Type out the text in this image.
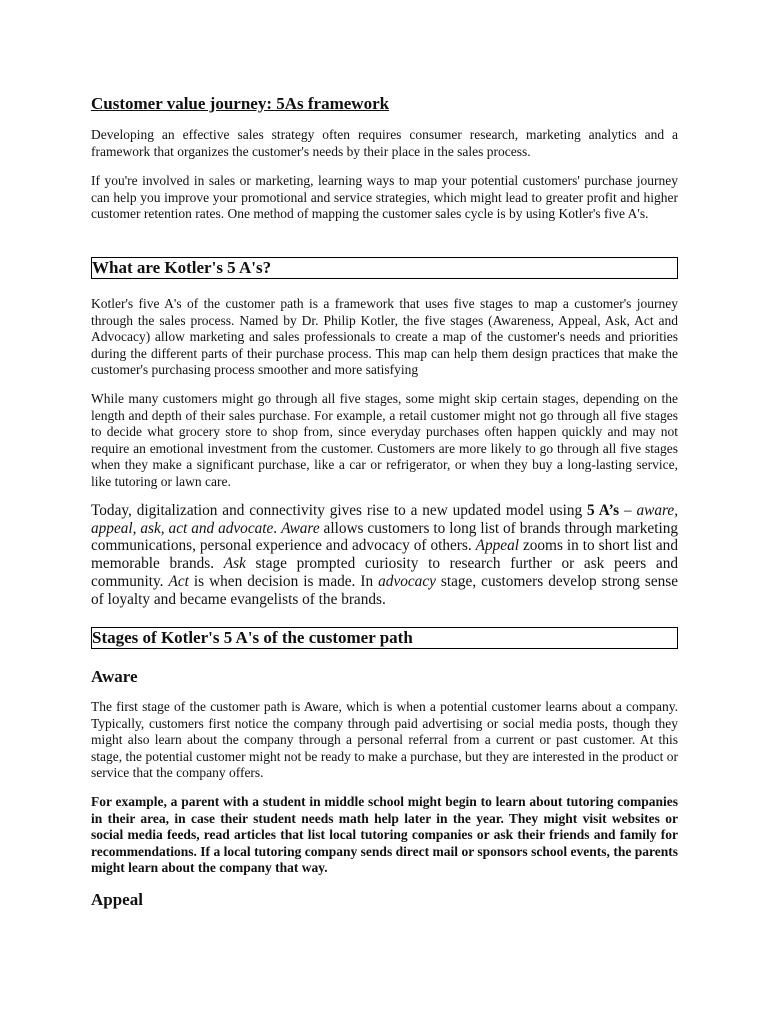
Customer value journey: 5As framework

Developing an effective sales strategy often requires consumer research, marketing analytics and a framework that organizes the customer's needs by their place in the sales process.

If you're involved in sales or marketing, learning ways to map your potential customers' purchase journey can help you improve your promotional and service strategies, which might lead to greater profit and higher customer retention rates. One method of mapping the customer sales cycle is by using Kotler's five A's.

What are Kotler's 5 A's?

Kotler's five A's of the customer path is a framework that uses five stages to map a customer's journey through the sales process. Named by Dr. Philip Kotler, the five stages (Awareness, Appeal, Ask, Act and Advocacy) allow marketing and sales professionals to create a map of the customer's needs and priorities during the different parts of their purchase process. This map can help them design practices that make the customer's purchasing process smoother and more satisfying

While many customers might go through all five stages, some might skip certain stages, depending on the length and depth of their sales purchase. For example, a retail customer might not go through all five stages to decide what grocery store to shop from, since everyday purchases often happen quickly and may not require an emotional investment from the customer. Customers are more likely to go through all five stages when they make a significant purchase, like a car or refrigerator, or when they buy a long-lasting service, like tutoring or lawn care.

Today, digitalization and connectivity gives rise to a new updated model using 5 A’s – aware, appeal, ask, act and advocate. Aware allows customers to long list of brands through marketing communications, personal experience and advocacy of others. Appeal zooms in to short list and memorable brands. Ask stage prompted curiosity to research further or ask peers and community. Act is when decision is made. In advocacy stage, customers develop strong sense of loyalty and became evangelists of the brands.

Stages of Kotler's 5 A's of the customer path
Aware

The first stage of the customer path is Aware, which is when a potential customer learns about a company. Typically, customers first notice the company through paid advertising or social media posts, though they might also learn about the company through a personal referral from a current or past customer. At this stage, the potential customer might not be ready to make a purchase, but they are interested in the product or service that the company offers.

For example, a parent with a student in middle school might begin to learn about tutoring companies in their area, in case their student needs math help later in the year. They might visit websites or social media feeds, read articles that list local tutoring companies or ask their friends and family for recommendations. If a local tutoring company sends direct mail or sponsors school events, the parents might learn about the company that way.

Appeal
